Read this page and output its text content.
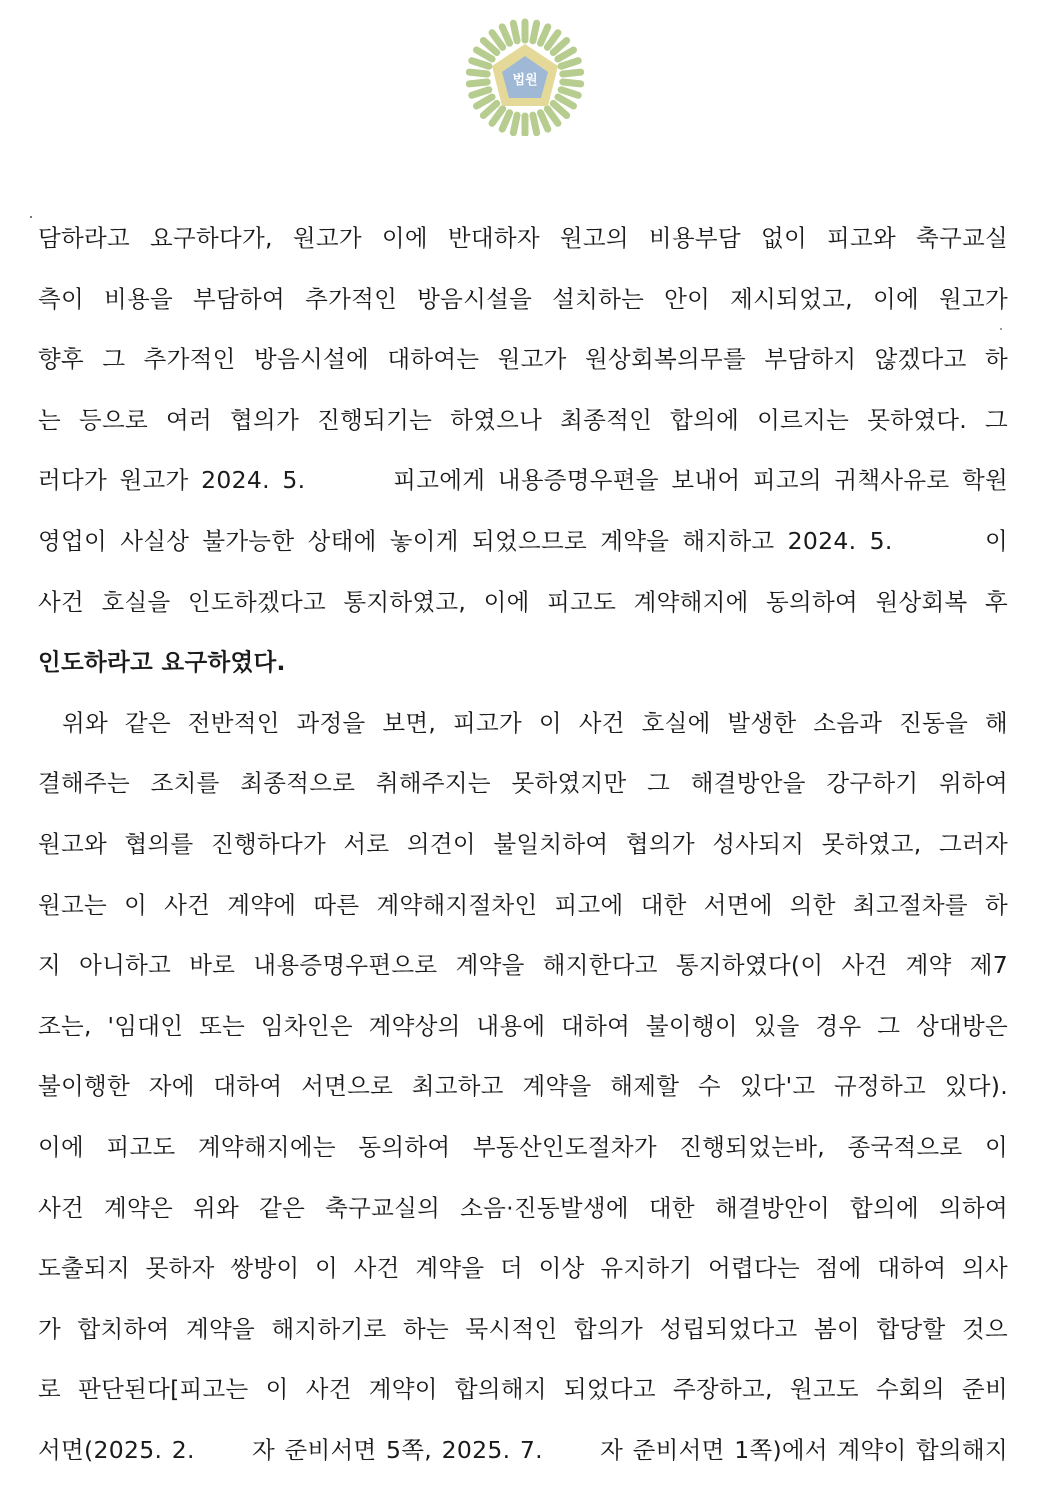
법원
담하라고 요구하다가, 원고가 이에 반대하자 원고의 비용부담 없이 피고와 축구교실
측이 비용을 부담하여 추가적인 방음시설을 설치하는 안이 제시되었고, 이에 원고가
향후 그 추가적인 방음시설에 대하여는 원고가 원상회복의무를 부담하지 않겠다고 하
는 등으로 여러 협의가 진행되기는 하였으나 최종적인 합의에 이르지는 못하였다. 그
러다가 원고가 2024. 5.       피고에게 내용증명우편을 보내어 피고의 귀책사유로 학원
영업이 사실상 불가능한 상태에 놓이게 되었으므로 계약을 해지하고 2024. 5.       이
사건 호실을 인도하겠다고 통지하였고, 이에 피고도 계약해지에 동의하여 원상회복 후
인도하라고 요구하였다.
위와 같은 전반적인 과정을 보면, 피고가 이 사건 호실에 발생한 소음과 진동을 해
결해주는 조치를 최종적으로 취해주지는 못하였지만 그 해결방안을 강구하기 위하여
원고와 협의를 진행하다가 서로 의견이 불일치하여 협의가 성사되지 못하였고, 그러자
원고는 이 사건 계약에 따른 계약해지절차인 피고에 대한 서면에 의한 최고절차를 하
지 아니하고 바로 내용증명우편으로 계약을 해지한다고 통지하였다(이 사건 계약 제7
조는, '임대인 또는 임차인은 계약상의 내용에 대하여 불이행이 있을 경우 그 상대방은
불이행한 자에 대하여 서면으로 최고하고 계약을 해제할 수 있다'고 규정하고 있다).
이에 피고도 계약해지에는 동의하여 부동산인도절차가 진행되었는바, 종국적으로 이
사건 계약은 위와 같은 축구교실의 소음·진동발생에 대한 해결방안이 합의에 의하여
도출되지 못하자 쌍방이 이 사건 계약을 더 이상 유지하기 어렵다는 점에 대하여 의사
가 합치하여 계약을 해지하기로 하는 묵시적인 합의가 성립되었다고 봄이 합당할 것으
로 판단된다[피고는 이 사건 계약이 합의해지 되었다고 주장하고, 원고도 수회의 준비
서면(2025. 2.      자 준비서면 5쪽, 2025. 7.      자 준비서면 1쪽)에서 계약이 합의해지
